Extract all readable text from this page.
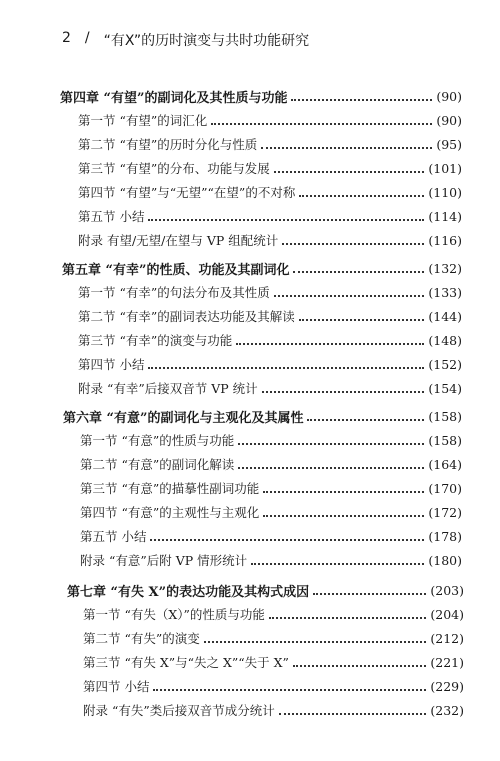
2 / “有X”的历时演变与共时功能研究
第四章 “有望”的副词化及其性质与功能	(90)
第一节 “有望”的词汇化	(90)
第二节 “有望”的历时分化与性质	(95)
第三节 “有望”的分布、功能与发展	(101)
第四节 “有望”与“无望”“在望”的不对称	(110)
第五节 小结	(114)
附录 有望/无望/在望与 VP 组配统计	(116)
第五章 “有幸”的性质、功能及其副词化	(132)
第一节 “有幸”的句法分布及其性质	(133)
第二节 “有幸”的副词表达功能及其解读	(144)
第三节 “有幸”的演变与功能	(148)
第四节 小结	(152)
附录 “有幸”后接双音节 VP 统计	(154)
第六章 “有意”的副词化与主观化及其属性	(158)
第一节 “有意”的性质与功能	(158)
第二节 “有意”的副词化解读	(164)
第三节 “有意”的描摹性副词功能	(170)
第四节 “有意”的主观性与主观化	(172)
第五节 小结	(178)
附录 “有意”后附 VP 情形统计	(180)
第七章 “有失 X”的表达功能及其构式成因	(203)
第一节 “有失（X）”的性质与功能	(204)
第二节 “有失”的演变	(212)
第三节 “有失 X”与“失之 X”“失于 X”	(221)
第四节 小结	(229)
附录 “有失”类后接双音节成分统计	(232)
